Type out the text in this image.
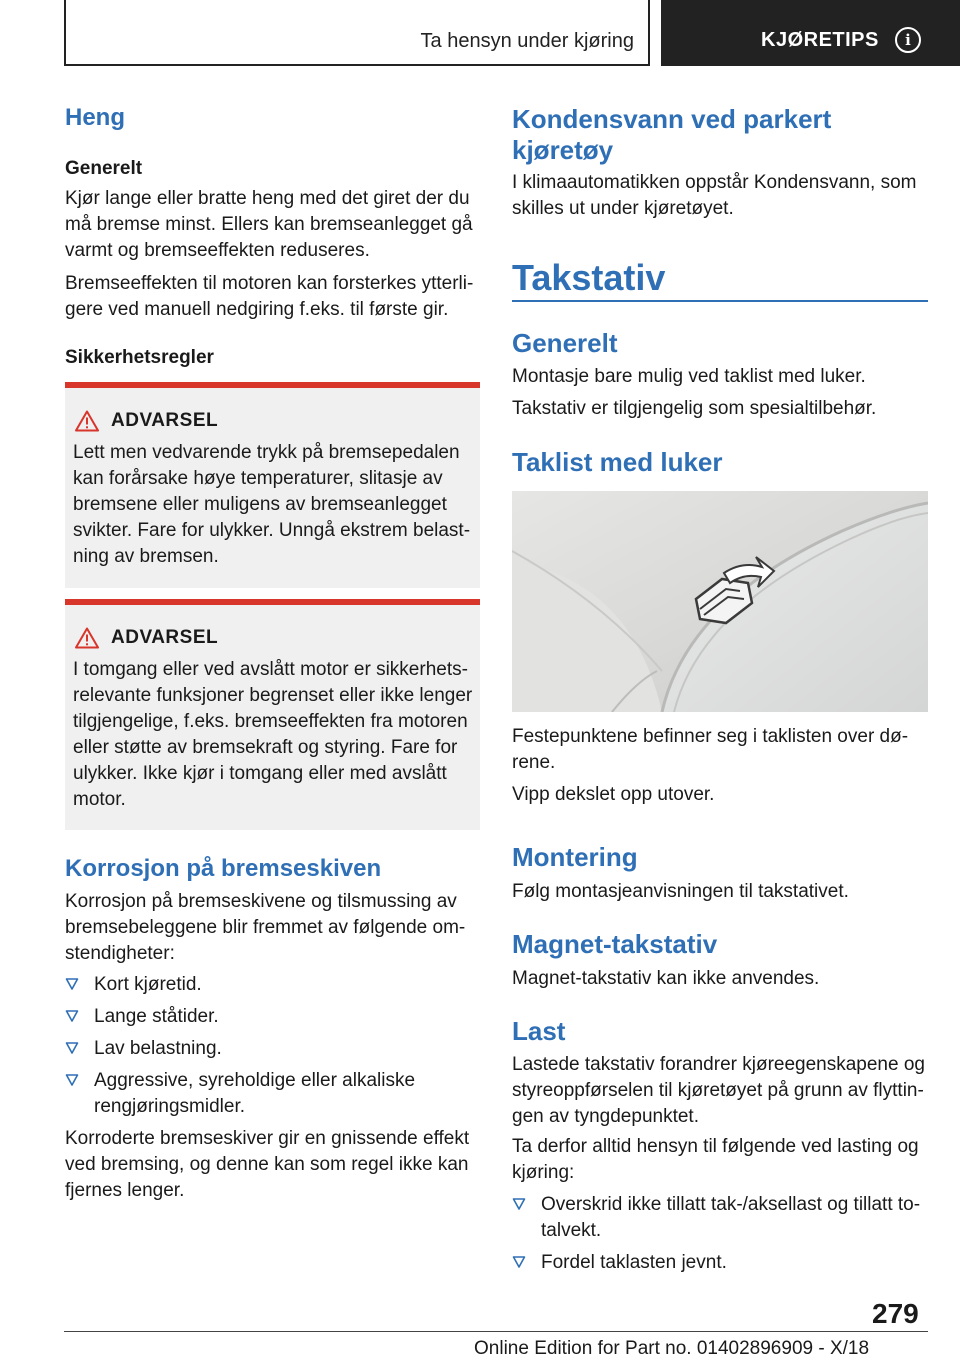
Ta hensyn under kjøring	KJØRETIPS	i
Heng
Generelt
Kjør lange eller bratte heng med det giret der du må bremse minst. Ellers kan bremseanlegget gå varmt og bremseeffekten reduseres.
Bremseeffekten til motoren kan forsterkes ytterligere ved manuell nedgiring f.eks. til første gir.
Sikkerhetsregler
ADVARSEL
Lett men vedvarende trykk på bremsepedalen kan forårsake høye temperaturer, slitasje av bremsene eller muligens av bremseanlegget svikter. Fare for ulykker. Unngå ekstrem belastning av bremsen.
ADVARSEL
I tomgang eller ved avslått motor er sikkerhetsrelevante funksjoner begrenset eller ikke lenger tilgjengelige, f.eks. bremseeffekten fra motoren eller støtte av bremsekraft og styring. Fare for ulykker. Ikke kjør i tomgang eller med avslått motor.
Korrosjon på bremseskiven
Korrosjon på bremseskivene og tilsmussing av bremsebeleggene blir fremmet av følgende omstendigheter:
Kort kjøretid.
Lange ståtider.
Lav belastning.
Aggressive, syreholdige eller alkaliske rengjøringsmidler.
Korroderte bremseskiver gir en gnissende effekt ved bremsing, og denne kan som regel ikke kan fjernes lenger.
Kondensvann ved parkert kjøretøy
I klimaautomatikken oppstår Kondensvann, som skilles ut under kjøretøyet.
Takstativ
Generelt
Montasje bare mulig ved taklist med luker.
Takstativ er tilgjengelig som spesialtilbehør.
Taklist med luker
Festepunktene befinner seg i taklisten over dørene.
Vipp dekslet opp utover.
Montering
Følg montasjeanvisningen til takstativet.
Magnet-takstativ
Magnet-takstativ kan ikke anvendes.
Last
Lastede takstativ forandrer kjøreegenskapene og styreoppførselen til kjøretøyet på grunn av flyttingen av tyngdepunktet.
Ta derfor alltid hensyn til følgende ved lasting og kjøring:
Overskrid ikke tillatt tak-/aksellast og tillatt totalvekt.
Fordel taklasten jevnt.
279
Online Edition for Part no. 01402896909 - X/18
